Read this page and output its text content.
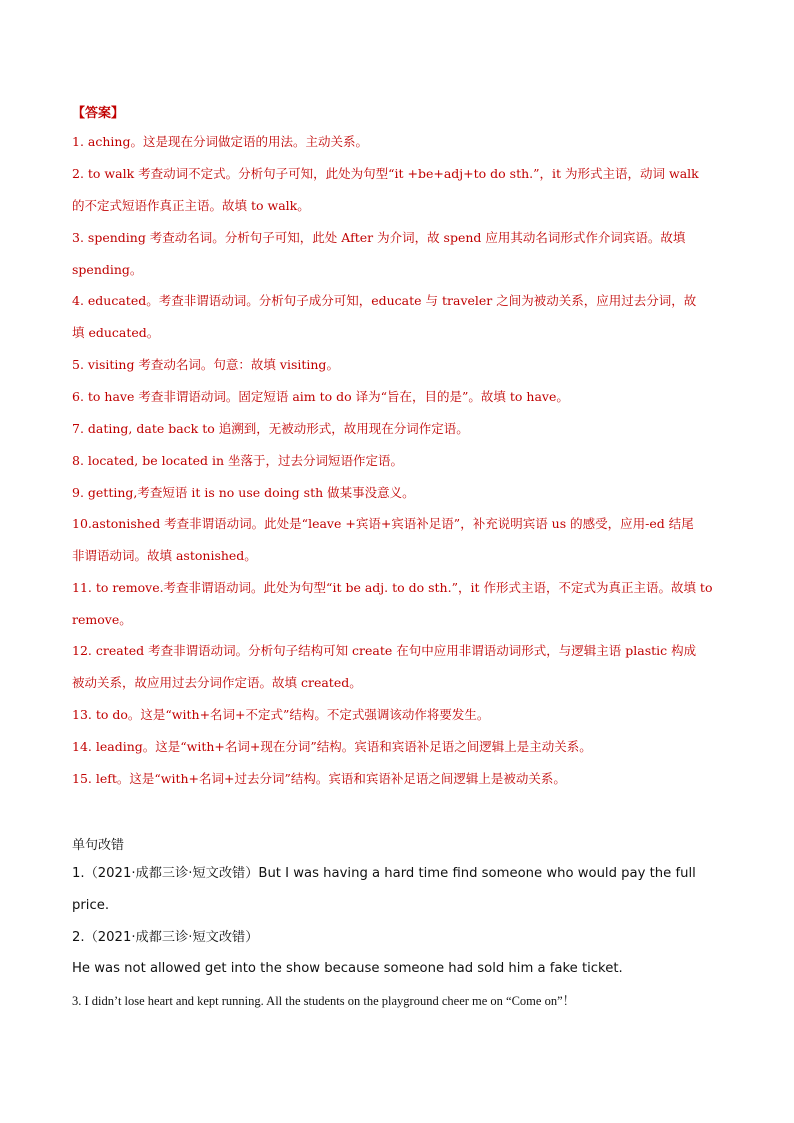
【答案】
1. aching。这是现在分词做定语的用法。主动关系。
2. to walk 考查动词不定式。分析句子可知，此处为句型“it +be+adj+to do sth.”，it 为形式主语，动词 walk
的不定式短语作真正主语。故填 to walk。
3. spending 考查动名词。分析句子可知，此处 After 为介词，故 spend 应用其动名词形式作介词宾语。故填
spending。
4. educated。考查非谓语动词。分析句子成分可知，educate 与 traveler 之间为被动关系，应用过去分词，故
填 educated。
5. visiting 考查动名词。句意：故填 visiting。
6. to have 考查非谓语动词。固定短语 aim to do 译为“旨在，目的是”。故填 to have。
7. dating, date back to 追溯到，无被动形式，故用现在分词作定语。
8. located, be located in 坐落于，过去分词短语作定语。
9. getting,考查短语 it is no use doing sth 做某事没意义。
10.astonished 考查非谓语动词。此处是“leave +宾语+宾语补足语”，补充说明宾语 us 的感受，应用-ed 结尾
非谓语动词。故填 astonished。
11. to remove.考查非谓语动词。此处为句型“it be adj. to do sth.”，it 作形式主语，不定式为真正主语。故填 to
remove。
12. created 考查非谓语动词。分析句子结构可知 create 在句中应用非谓语动词形式，与逻辑主语 plastic 构成
被动关系，故应用过去分词作定语。故填 created。
13. to do。这是“with+名词+不定式”结构。不定式强调该动作将要发生。
14. leading。这是“with+名词+现在分词”结构。宾语和宾语补足语之间逻辑上是主动关系。
15. left。这是“with+名词+过去分词”结构。宾语和宾语补足语之间逻辑上是被动关系。
单句改错
1.（2021·成都三诊·短文改错）But I was having a hard time find someone who would pay the full
price.
2.（2021·成都三诊·短文改错）
He was not allowed get into the show because someone had sold him a fake ticket.
3. I didn’t lose heart and kept running. All the students on the playground cheer me on “Come on”！
